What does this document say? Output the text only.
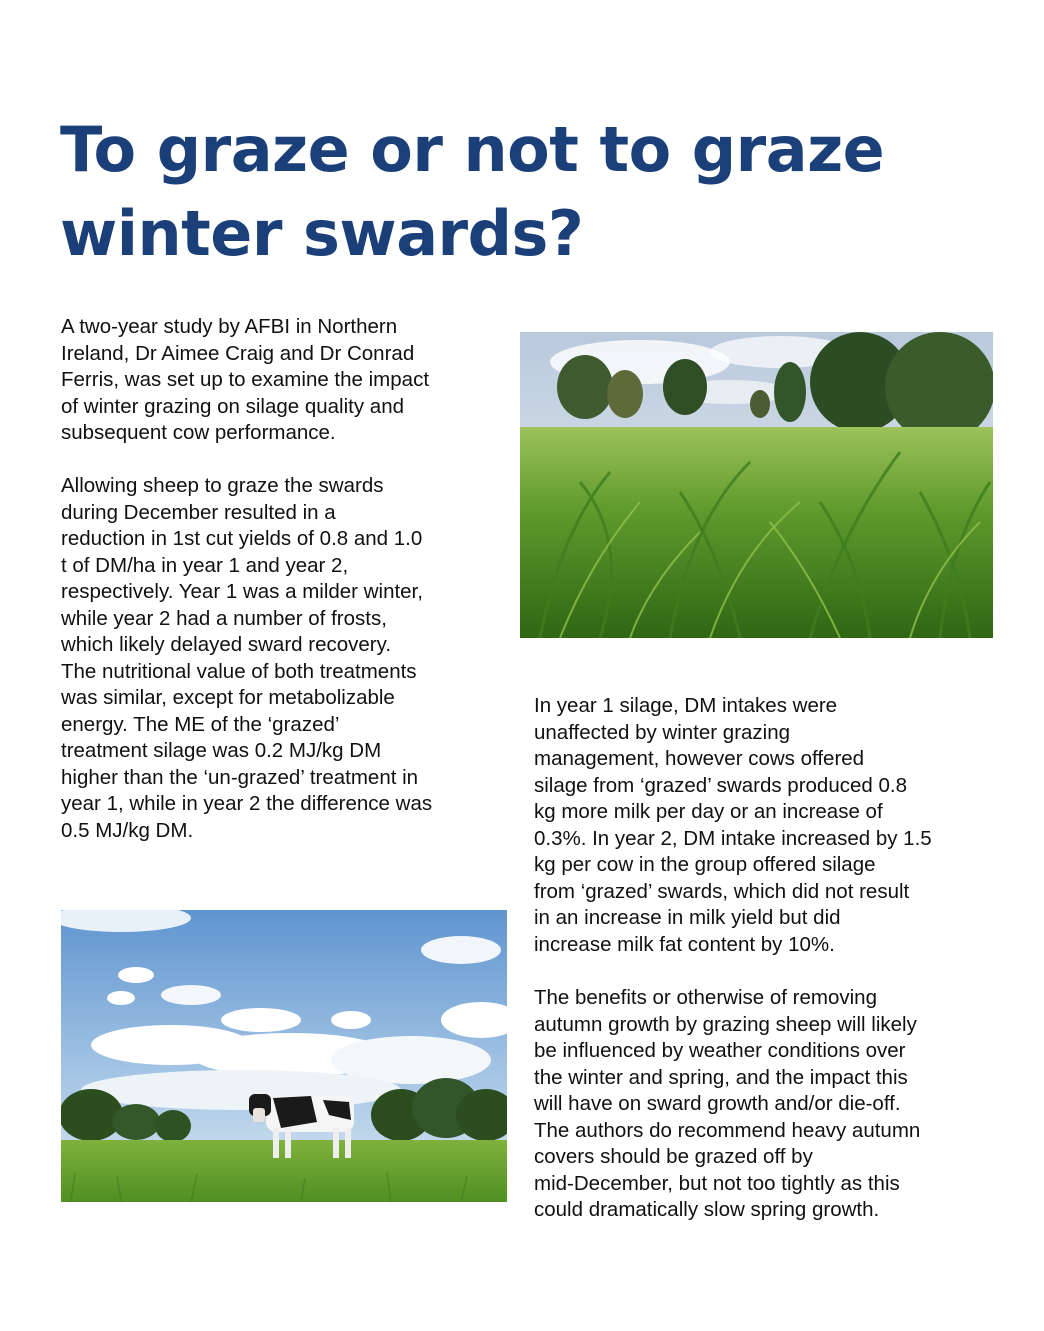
To graze or not to graze
winter swards?

A two-year study by AFBI in Northern
Ireland, Dr Aimee Craig and Dr Conrad
Ferris, was set up to examine the impact
of winter grazing on silage quality and
subsequent cow performance.

Allowing sheep to graze the swards
during December resulted in a
reduction in 1st cut yields of 0.8 and 1.0
t of DM/ha in year 1 and year 2,
respectively. Year 1 was a milder winter,
while year 2 had a number of frosts,
which likely delayed sward recovery.
The nutritional value of both treatments
was similar, except for metabolizable
energy. The ME of the ‘grazed’
treatment silage was 0.2 MJ/kg DM
higher than the ‘un-grazed’ treatment in
year 1, while in year 2 the difference was
0.5 MJ/kg DM.

In year 1 silage, DM intakes were
unaffected by winter grazing
management, however cows offered
silage from ‘grazed’ swards produced 0.8
kg more milk per day or an increase of
0.3%. In year 2, DM intake increased by 1.5
kg per cow in the group offered silage
from ‘grazed’ swards, which did not result
in an increase in milk yield but did
increase milk fat content by 10%.

The benefits or otherwise of removing
autumn growth by grazing sheep will likely
be influenced by weather conditions over
the winter and spring, and the impact this
will have on sward growth and/or die-off.
The authors do recommend heavy autumn
covers should be grazed off by
mid-December, but not too tightly as this
could dramatically slow spring growth.
